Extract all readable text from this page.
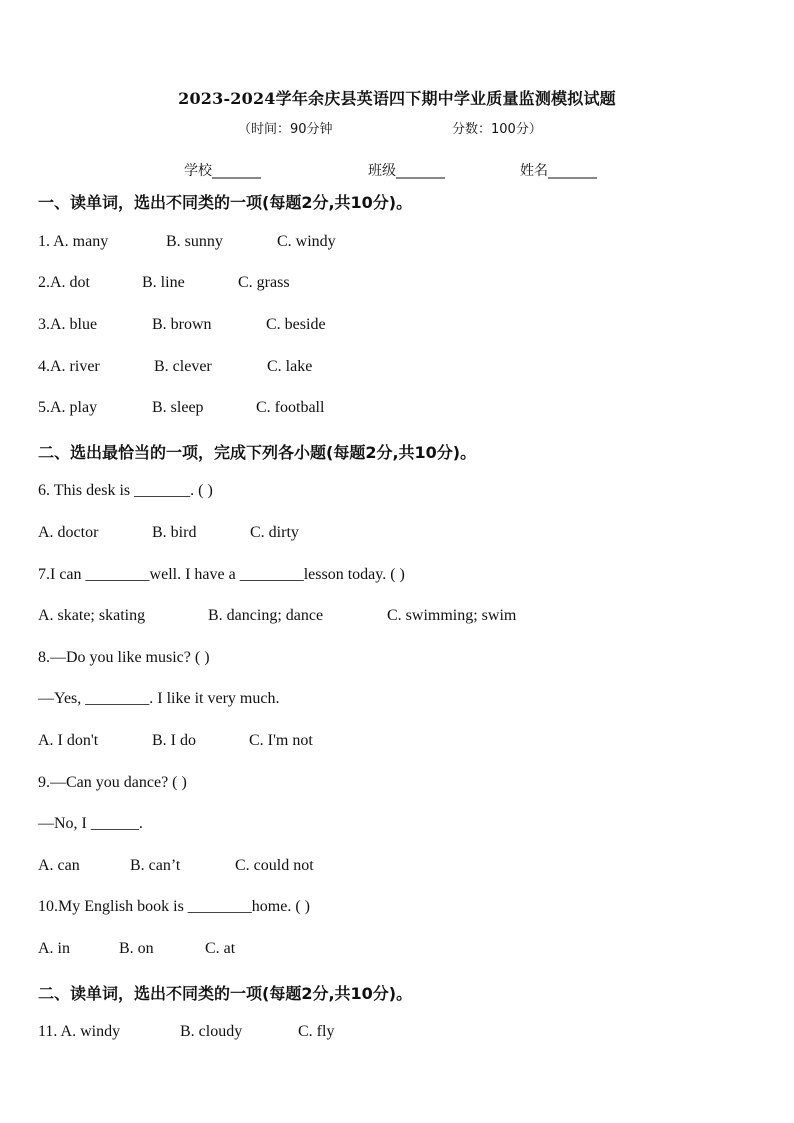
2023-2024学年余庆县英语四下期中学业质量监测模拟试题
（时间：90分钟	分数：100分）
学校_______	班级_______	姓名_______
一、读单词，选出不同类的一项(每题2分,共10分)。
1. A. many	B. sunny	C. windy
2.A. dot	B. line	C. grass
3.A. blue	B. brown	C. beside
4.A. river	B. clever	C. lake
5.A. play	B. sleep	C. football
二、选出最恰当的一项，完成下列各小题(每题2分,共10分)。
6. This desk is _______. ( )
A. doctor	B. bird	C. dirty
7.I can ________well. I have a ________lesson today. ( )
A. skate; skating	B. dancing; dance	C. swimming; swim
8.—Do you like music? ( )
—Yes, ________. I like it very much.
A. I don't	B. I do	C. I'm not
9.—Can you dance? ( )
—No, I ______.
A. can	B. can’t	C. could not
10.My English book is ________home. ( )
A. in	B. on	C. at
二、读单词，选出不同类的一项(每题2分,共10分)。
11. A. windy	B. cloudy	C. fly
